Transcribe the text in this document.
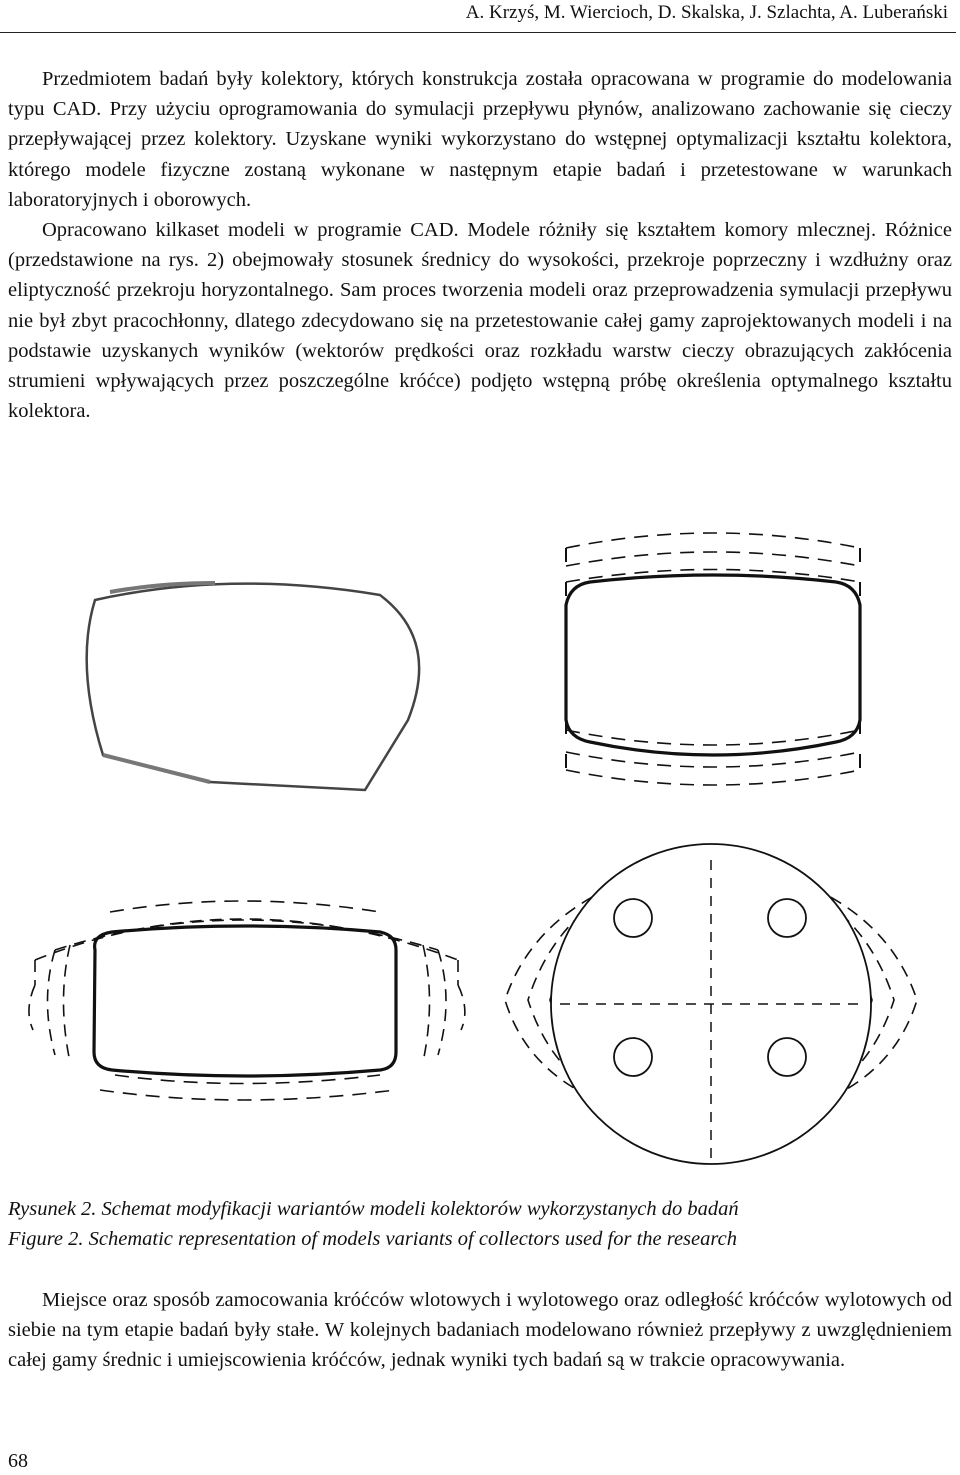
A. Krzyś, M. Wiercioch, D. Skalska, J. Szlachta, A. Luberański

Przedmiotem badań były kolektory, których konstrukcja została opracowana w programie do modelowania typu CAD. Przy użyciu oprogramowania do symulacji przepływu płynów, analizowano zachowanie się cieczy przepływającej przez kolektory. Uzyskane wyniki wykorzystano do wstępnej optymalizacji kształtu kolektora, którego modele fizyczne zostaną wykonane w następnym etapie badań i przetestowane w warunkach laboratoryjnych i oborowych.

Opracowano kilkaset modeli w programie CAD. Modele różniły się kształtem komory mlecznej. Różnice (przedstawione na rys. 2) obejmowały stosunek średnicy do wysokości, przekroje poprzeczny i wzdłużny oraz eliptyczność przekroju horyzontalnego. Sam proces tworzenia modeli oraz przeprowadzenia symulacji przepływu nie był zbyt pracochłonny, dlatego zdecydowano się na przetestowanie całej gamy zaprojektowanych modeli i na podstawie uzyskanych wyników (wektorów prędkości oraz rozkładu warstw cieczy obrazujących zakłócenia strumieni wpływających przez poszczególne króćce) podjęto wstępną próbę określenia optymalnego kształtu kolektora.

Rysunek 2. Schemat modyfikacji wariantów modeli kolektorów wykorzystanych do badań
Figure 2. Schematic representation of models variants of collectors used for the research

Miejsce oraz sposób zamocowania króćców wlotowych i wylotowego oraz odległość króćców wylotowych od siebie na tym etapie badań były stałe. W kolejnych badaniach modelowano również przepływy z uwzględnieniem całej gamy średnic i umiejscowienia króćców, jednak wyniki tych badań są w trakcie opracowywania.

68
